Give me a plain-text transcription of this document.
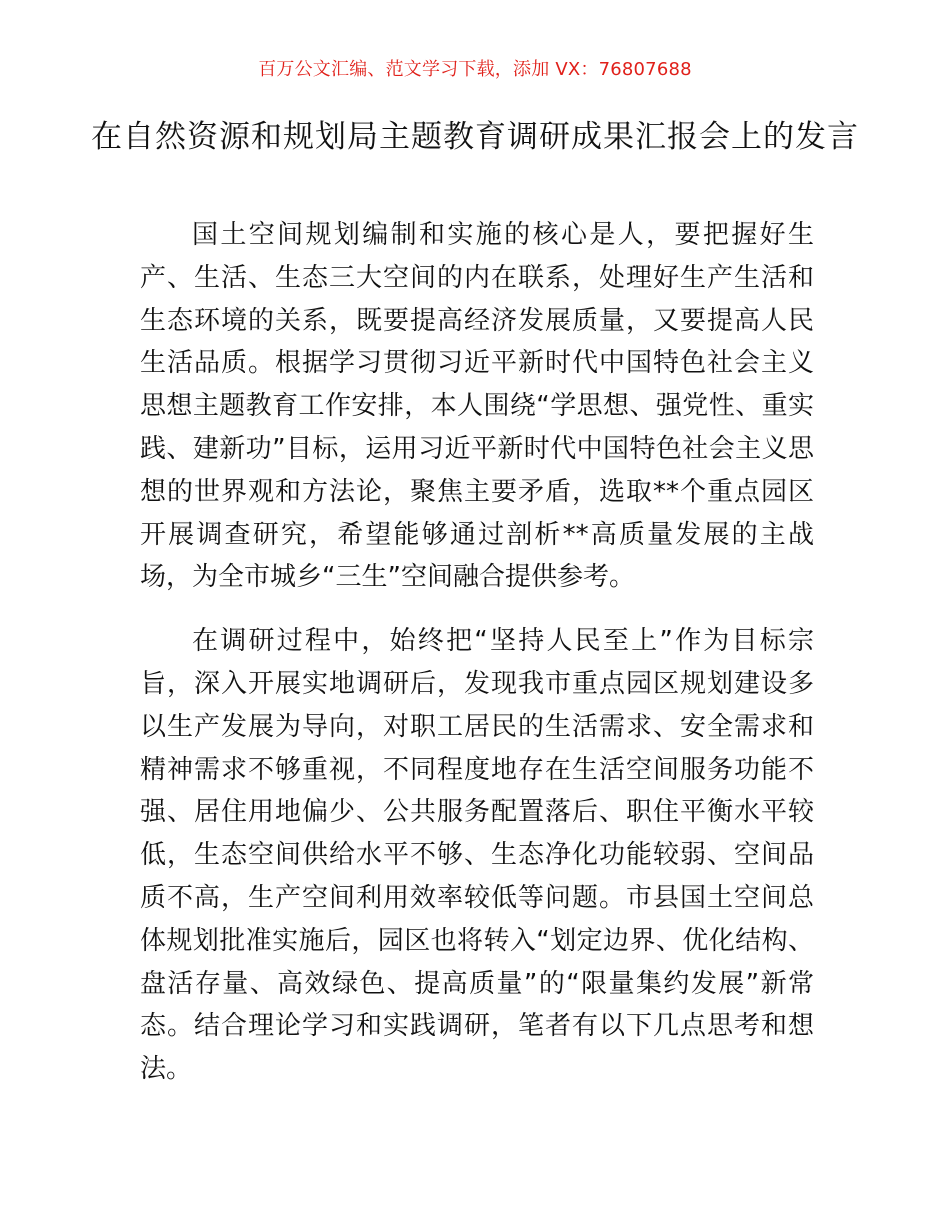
百万公文汇编、范文学习下载，添加 VX：76807688
在自然资源和规划局主题教育调研成果汇报会上的发言

国土空间规划编制和实施的核心是人，要把握好生产、生活、生态三大空间的内在联系，处理好生产生活和生态环境的关系，既要提高经济发展质量，又要提高人民生活品质。根据学习贯彻习近平新时代中国特色社会主义思想主题教育工作安排，本人围绕“学思想、强党性、重实践、建新功”目标，运用习近平新时代中国特色社会主义思想的世界观和方法论，聚焦主要矛盾，选取**个重点园区开展调查研究，希望能够通过剖析**高质量发展的主战场，为全市城乡“三生”空间融合提供参考。

在调研过程中，始终把“坚持人民至上”作为目标宗旨，深入开展实地调研后，发现我市重点园区规划建设多以生产发展为导向，对职工居民的生活需求、安全需求和精神需求不够重视，不同程度地存在生活空间服务功能不强、居住用地偏少、公共服务配置落后、职住平衡水平较低，生态空间供给水平不够、生态净化功能较弱、空间品质不高，生产空间利用效率较低等问题。市县国土空间总体规划批准实施后，园区也将转入“划定边界、优化结构、盘活存量、高效绿色、提高质量”的“限量集约发展”新常态。结合理论学习和实践调研，笔者有以下几点思考和想法。
